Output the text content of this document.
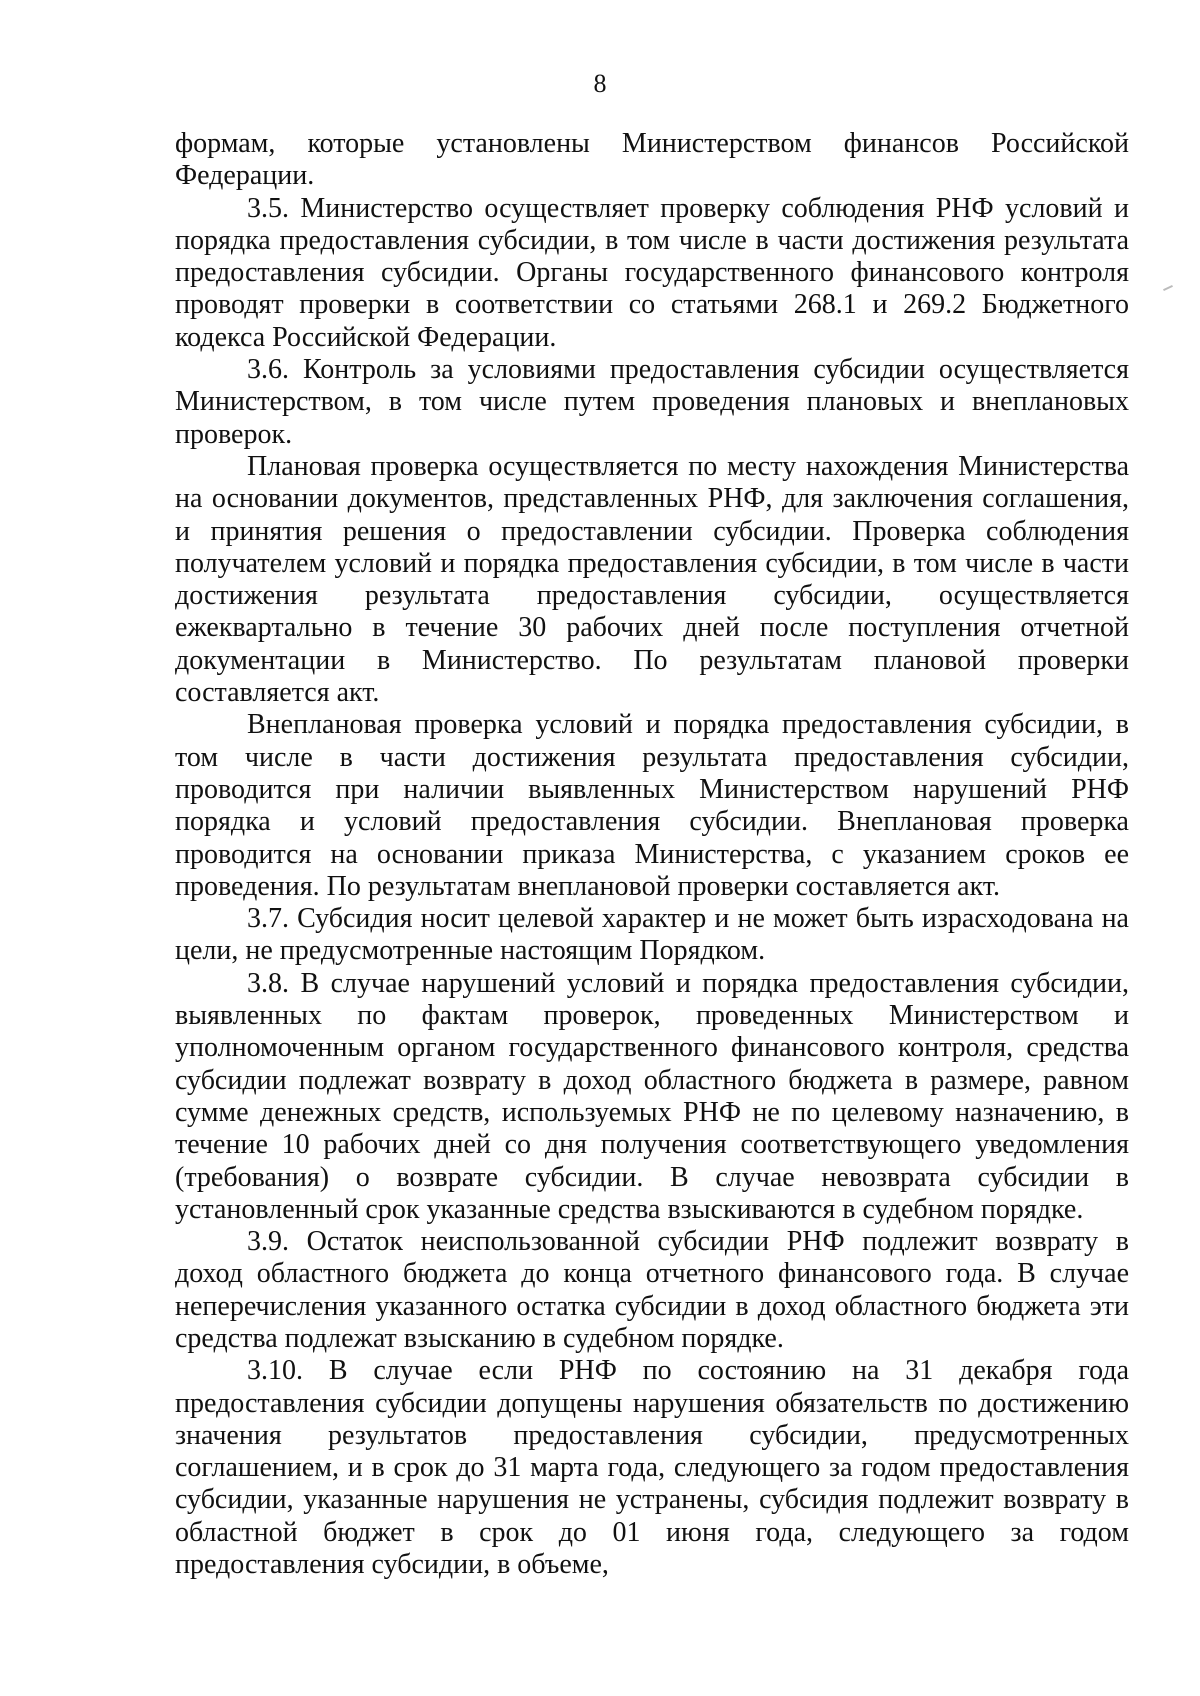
8

формам, которые установлены Министерством финансов Российской Федерации.

3.5. Министерство осуществляет проверку соблюдения РНФ условий и порядка предоставления субсидии, в том числе в части достижения результата предоставления субсидии. Органы государственного финансового контроля проводят проверки в соответствии со статьями 268.1 и 269.2 Бюджетного кодекса Российской Федерации.

3.6. Контроль за условиями предоставления субсидии осуществляется Министерством, в том числе путем проведения плановых и внеплановых проверок.

Плановая проверка осуществляется по месту нахождения Министерства на основании документов, представленных РНФ, для заключения соглашения, и принятия решения о предоставлении субсидии. Проверка соблюдения получателем условий и порядка предоставления субсидии, в том числе в части достижения результата предоставления субсидии, осуществляется ежеквартально в течение 30 рабочих дней после поступления отчетной документации в Министерство. По результатам плановой проверки составляется акт.

Внеплановая проверка условий и порядка предоставления субсидии, в том числе в части достижения результата предоставления субсидии, проводится при наличии выявленных Министерством нарушений РНФ порядка и условий предоставления субсидии. Внеплановая проверка проводится на основании приказа Министерства, с указанием сроков ее проведения. По результатам внеплановой проверки составляется акт.

3.7. Субсидия носит целевой характер и не может быть израсходована на цели, не предусмотренные настоящим Порядком.

3.8. В случае нарушений условий и порядка предоставления субсидии, выявленных по фактам проверок, проведенных Министерством и уполномоченным органом государственного финансового контроля, средства субсидии подлежат возврату в доход областного бюджета в размере, равном сумме денежных средств, используемых РНФ не по целевому назначению, в течение 10 рабочих дней со дня получения соответствующего уведомления (требования) о возврате субсидии. В случае невозврата субсидии в установленный срок указанные средства взыскиваются в судебном порядке.

3.9. Остаток неиспользованной субсидии РНФ подлежит возврату в доход областного бюджета до конца отчетного финансового года. В случае неперечисления указанного остатка субсидии в доход областного бюджета эти средства подлежат взысканию в судебном порядке.

3.10. В случае если РНФ по состоянию на 31 декабря года предоставления субсидии допущены нарушения обязательств по достижению значения результатов предоставления субсидии, предусмотренных соглашением, и в срок до 31 марта года, следующего за годом предоставления субсидии, указанные нарушения не устранены, субсидия подлежит возврату в областной бюджет в срок до 01 июня года, следующего за годом предоставления субсидии, в объеме,
